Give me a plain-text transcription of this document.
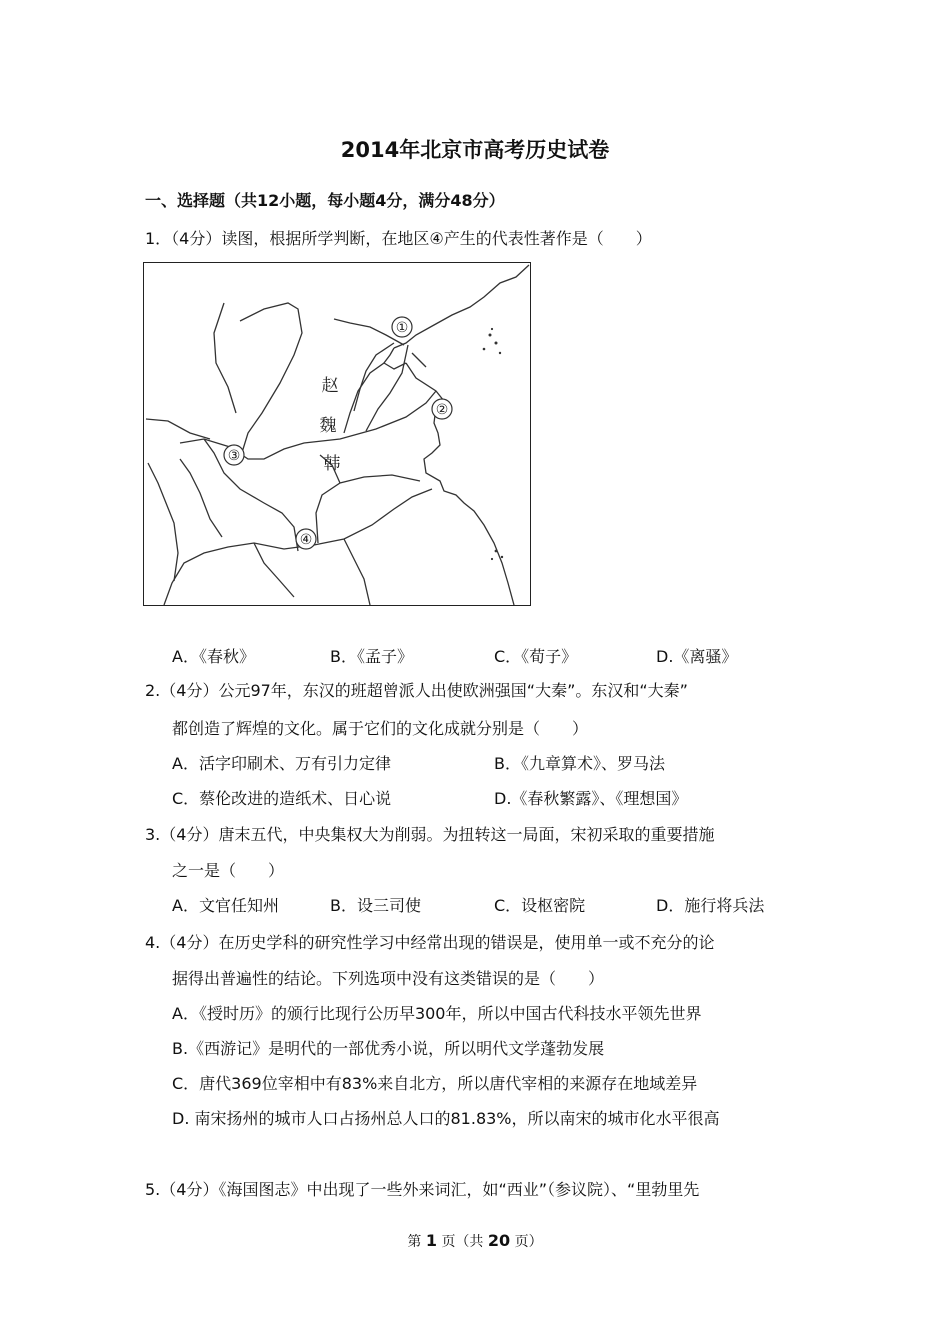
2014年北京市高考历史试卷
一、选择题（共12小题，每小题4分，满分48分）
1．（4分）读图，根据所学判断，在地区④产生的代表性著作是（　　）
①
②
③
④
赵
魏
韩
A．《春秋》	B．《孟子》	C．《荀子》	D.《离骚》
2.（4分）公元97年，东汉的班超曾派人出使欧洲强国“大秦”。东汉和“大秦”
都创造了辉煌的文化。属于它们的文化成就分别是（　　）
A．活字印刷术、万有引力定律	B．《九章算术》、罗马法
C．蔡伦改进的造纸术、日心说	D.《春秋繁露》、《理想国》
3.（4分）唐末五代，中央集权大为削弱。为扭转这一局面，宋初采取的重要措施
之一是（　　）
A．文官任知州	B．设三司使	C．设枢密院	D．施行将兵法
4.（4分）在历史学科的研究性学习中经常出现的错误是，使用单一或不充分的论
据得出普遍性的结论。下列选项中没有这类错误的是（　　）
A．《授时历》的颁行比现行公历早300年，所以中国古代科技水平领先世界
B.《西游记》是明代的一部优秀小说，所以明代文学蓬勃发展
C．唐代369位宰相中有83%来自北方，所以唐代宰相的来源存在地域差异
D. 南宋扬州的城市人口占扬州总人口的81.83%，所以南宋的城市化水平很高
5.（4分）《海国图志》中出现了一些外来词汇，如“西业”（参议院）、“里勃里先
第 1 页（共 20 页）
